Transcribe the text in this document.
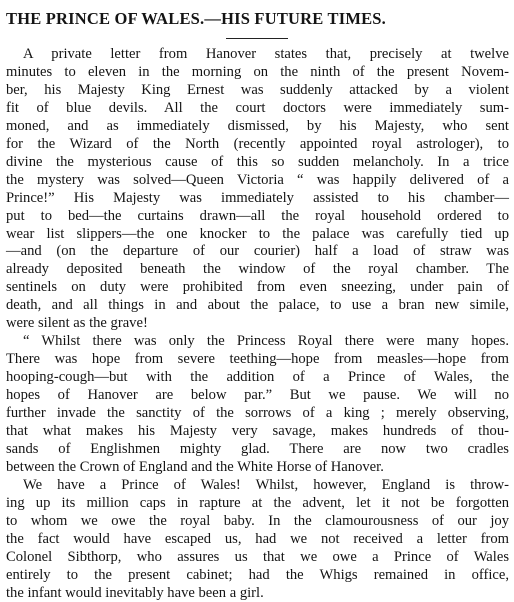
THE PRINCE OF WALES.—HIS FUTURE TIMES.
A private letter from Hanover states that, precisely at twelve
minutes to eleven in the morning on the ninth of the present Novem-
ber, his Majesty King Ernest was suddenly attacked by a violent
fit of blue devils. All the court doctors were immediately sum-
moned, and as immediately dismissed, by his Majesty, who sent
for the Wizard of the North (recently appointed royal astrologer), to
divine the mysterious cause of this so sudden melancholy. In a trice
the mystery was solved—Queen Victoria “ was happily delivered of a
Prince!” His Majesty was immediately assisted to his chamber—
put to bed—the curtains drawn—all the royal household ordered to
wear list slippers—the one knocker to the palace was carefully tied up
—and (on the departure of our courier) half a load of straw was
already deposited beneath the window of the royal chamber. The
sentinels on duty were prohibited from even sneezing, under pain of
death, and all things in and about the palace, to use a bran new simile,
were silent as the grave!
“ Whilst there was only the Princess Royal there were many hopes.
There was hope from severe teething—hope from measles—hope from
hooping-cough—but with the addition of a Prince of Wales, the
hopes of Hanover are below par.” But we pause. We will no
further invade the sanctity of the sorrows of a king ; merely observing,
that what makes his Majesty very savage, makes hundreds of thou-
sands of Englishmen mighty glad. There are now two cradles
between the Crown of England and the White Horse of Hanover.
We have a Prince of Wales! Whilst, however, England is throw-
ing up its million caps in rapture at the advent, let it not be forgotten
to whom we owe the royal baby. In the clamourousness of our joy
the fact would have escaped us, had we not received a letter from
Colonel Sibthorp, who assures us that we owe a Prince of Wales
entirely to the present cabinet; had the Whigs remained in office,
the infant would inevitably have been a girl.
